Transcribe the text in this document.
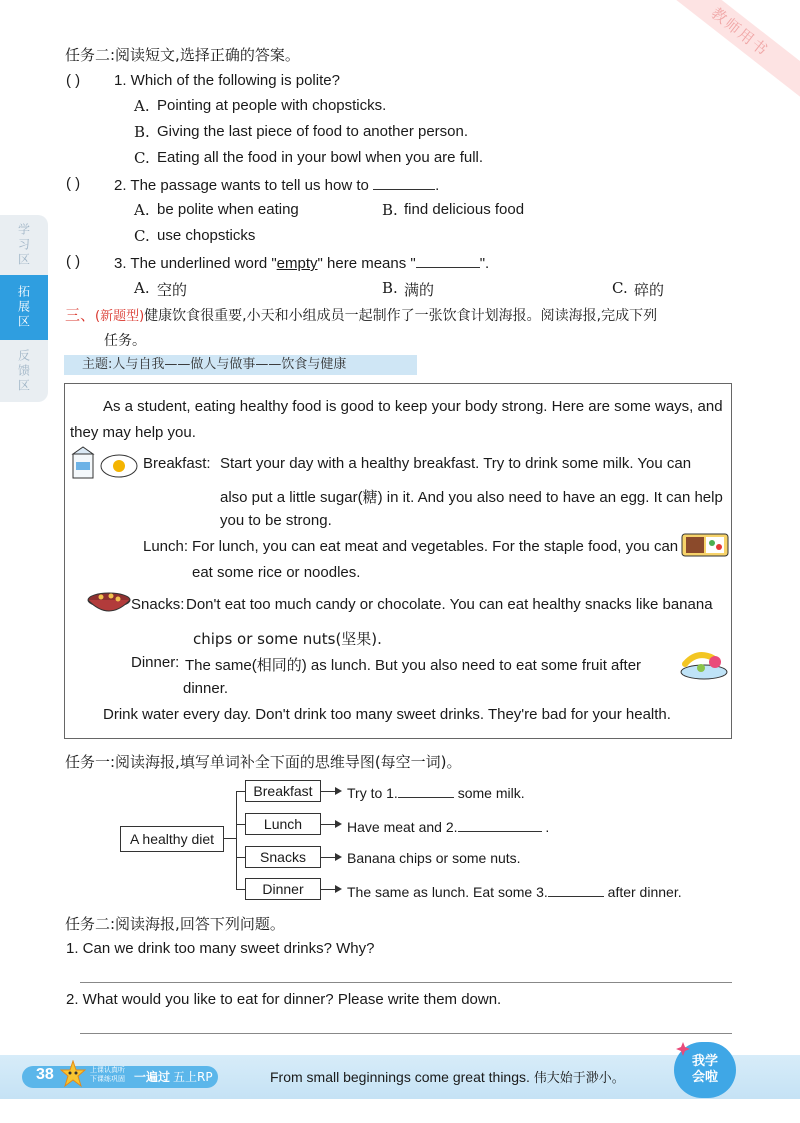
教师用书
学习区
拓展区
反馈区
任务二:阅读短文,选择正确的答案。
( ) 1. Which of the following is polite?
A. Pointing at people with chopsticks.
B. Giving the last piece of food to another person.
C. Eating all the food in your bowl when you are full.
( ) 2. The passage wants to tell us how to	.
A. be polite when eating	B. find delicious food
C. use chopsticks
( ) 3. The underlined word "empty" here means "	".
A. 空的	B. 满的	C. 碎的
三、(新题型)健康饮食很重要,小天和小组成员一起制作了一张饮食计划海报。阅读海报,完成下列
任务。
主题:人与自我——做人与做事——饮食与健康
As a student, eating healthy food is good to keep your body strong. Here are some ways, and
they may help you.
Breakfast: Start your day with a healthy breakfast. Try to drink some milk. You can
also put a little sugar(糖) in it. And you also need to have an egg. It can help
you to be strong.
Lunch: For lunch, you can eat meat and vegetables. For the staple food, you can
eat some rice or noodles.
Snacks: Don't eat too much candy or chocolate. You can eat healthy snacks like banana
chips or some nuts(坚果).
Dinner: The same(相同的) as lunch. But you also need to eat some fruit after
dinner.
Drink water every day. Don't drink too many sweet drinks. They're bad for your health.
任务一:阅读海报,填写单词补全下面的思维导图(每空一词)。
A healthy diet
Breakfast	Try to 1.	some milk.
Lunch	Have meat and 2.	.
Snacks	Banana chips or some nuts.
Dinner	The same as lunch. Eat some 3.	after dinner.
任务二:阅读海报,回答下列问题。
1. Can we drink too many sweet drinks? Why?
2. What would you like to eat for dinner? Please write them down.
38	上课认真听
下课练巩固 一遍过 五上RP	From small beginnings come great things. 伟大始于渺小。
我学
会啦
